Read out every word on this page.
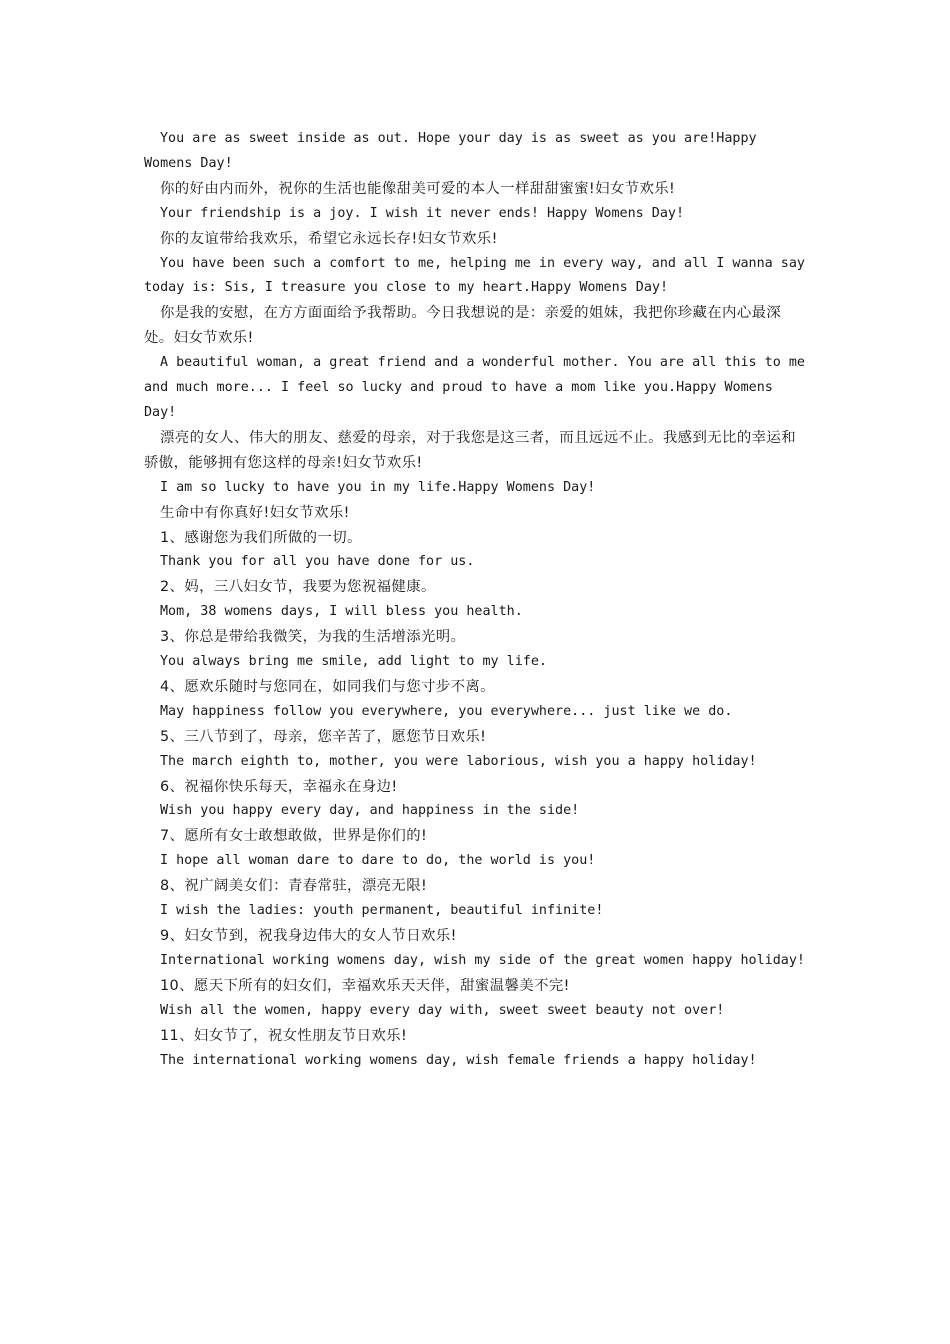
You are as sweet inside as out. Hope your day is as sweet as you are!Happy Womens Day!

你的好由内而外，祝你的生活也能像甜美可爱的本人一样甜甜蜜蜜!妇女节欢乐!

Your friendship is a joy. I wish it never ends! Happy Womens Day!

你的友谊带给我欢乐，希望它永远长存!妇女节欢乐!

You have been such a comfort to me, helping me in every way, and all I wanna say today is: Sis, I treasure you close to my heart.Happy Womens Day!

你是我的安慰，在方方面面给予我帮助。今日我想说的是：亲爱的姐妹，我把你珍藏在内心最深处。妇女节欢乐!

A beautiful woman, a great friend and a wonderful mother. You are all this to me and much more... I feel so lucky and proud to have a mom like you.Happy Womens Day!

漂亮的女人、伟大的朋友、慈爱的母亲，对于我您是这三者，而且远远不止。我感到无比的幸运和骄傲，能够拥有您这样的母亲!妇女节欢乐!

I am so lucky to have you in my life.Happy Womens Day!

生命中有你真好!妇女节欢乐!

1、感谢您为我们所做的一切。

Thank you for all you have done for us.

2、妈，三八妇女节，我要为您祝福健康。

Mom, 38 womens days, I will bless you health.

3、你总是带给我微笑，为我的生活增添光明。

You always bring me smile, add light to my life.

4、愿欢乐随时与您同在，如同我们与您寸步不离。

May happiness follow you everywhere, you everywhere... just like we do.

5、三八节到了，母亲，您辛苦了，愿您节日欢乐!

The march eighth to, mother, you were laborious, wish you a happy holiday!

6、祝福你快乐每天，幸福永在身边!

Wish you happy every day, and happiness in the side!

7、愿所有女士敢想敢做，世界是你们的!

I hope all woman dare to dare to do, the world is you!

8、祝广阔美女们：青春常驻，漂亮无限!

I wish the ladies: youth permanent, beautiful infinite!

9、妇女节到，祝我身边伟大的女人节日欢乐!

International working womens day, wish my side of the great women happy holiday!

10、愿天下所有的妇女们，幸福欢乐天天伴，甜蜜温馨美不完!

Wish all the women, happy every day with, sweet sweet beauty not over!

11、妇女节了，祝女性朋友节日欢乐!

The international working womens day, wish female friends a happy holiday!
